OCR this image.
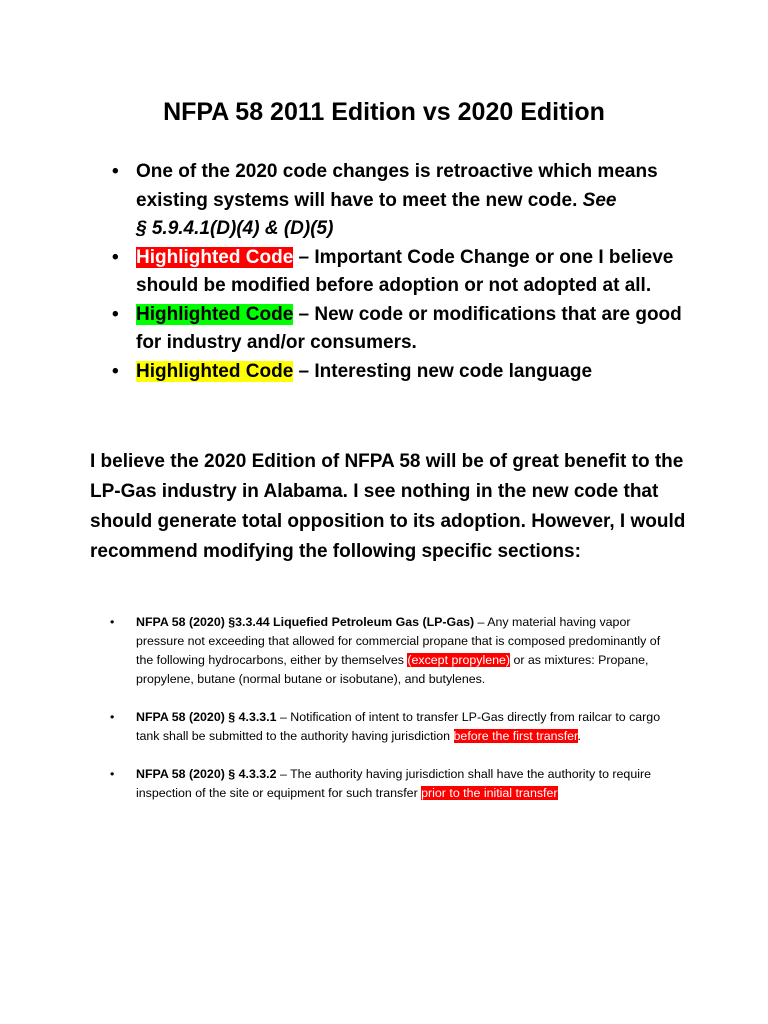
NFPA 58 2011 Edition vs 2020 Edition
• One of the 2020 code changes is retroactive which means existing systems will have to meet the new code. See
§ 5.9.4.1(D)(4) & (D)(5)
• Highlighted Code – Important Code Change or one I believe should be modified before adoption or not adopted at all.
• Highlighted Code – New code or modifications that are good for industry and/or consumers.
• Highlighted Code – Interesting new code language

I believe the 2020 Edition of NFPA 58 will be of great benefit to the LP-Gas industry in Alabama. I see nothing in the new code that should generate total opposition to its adoption. However, I would recommend modifying the following specific sections:

• NFPA 58 (2020) §3.3.44 Liquefied Petroleum Gas (LP-Gas) – Any material having vapor pressure not exceeding that allowed for commercial propane that is composed predominantly of the following hydrocarbons, either by themselves (except propylene) or as mixtures: Propane, propylene, butane (normal butane or isobutane), and butylenes.
• NFPA 58 (2020) § 4.3.3.1 – Notification of intent to transfer LP-Gas directly from railcar to cargo tank shall be submitted to the authority having jurisdiction before the first transfer.
• NFPA 58 (2020) § 4.3.3.2 – The authority having jurisdiction shall have the authority to require inspection of the site or equipment for such transfer prior to the initial transfer
